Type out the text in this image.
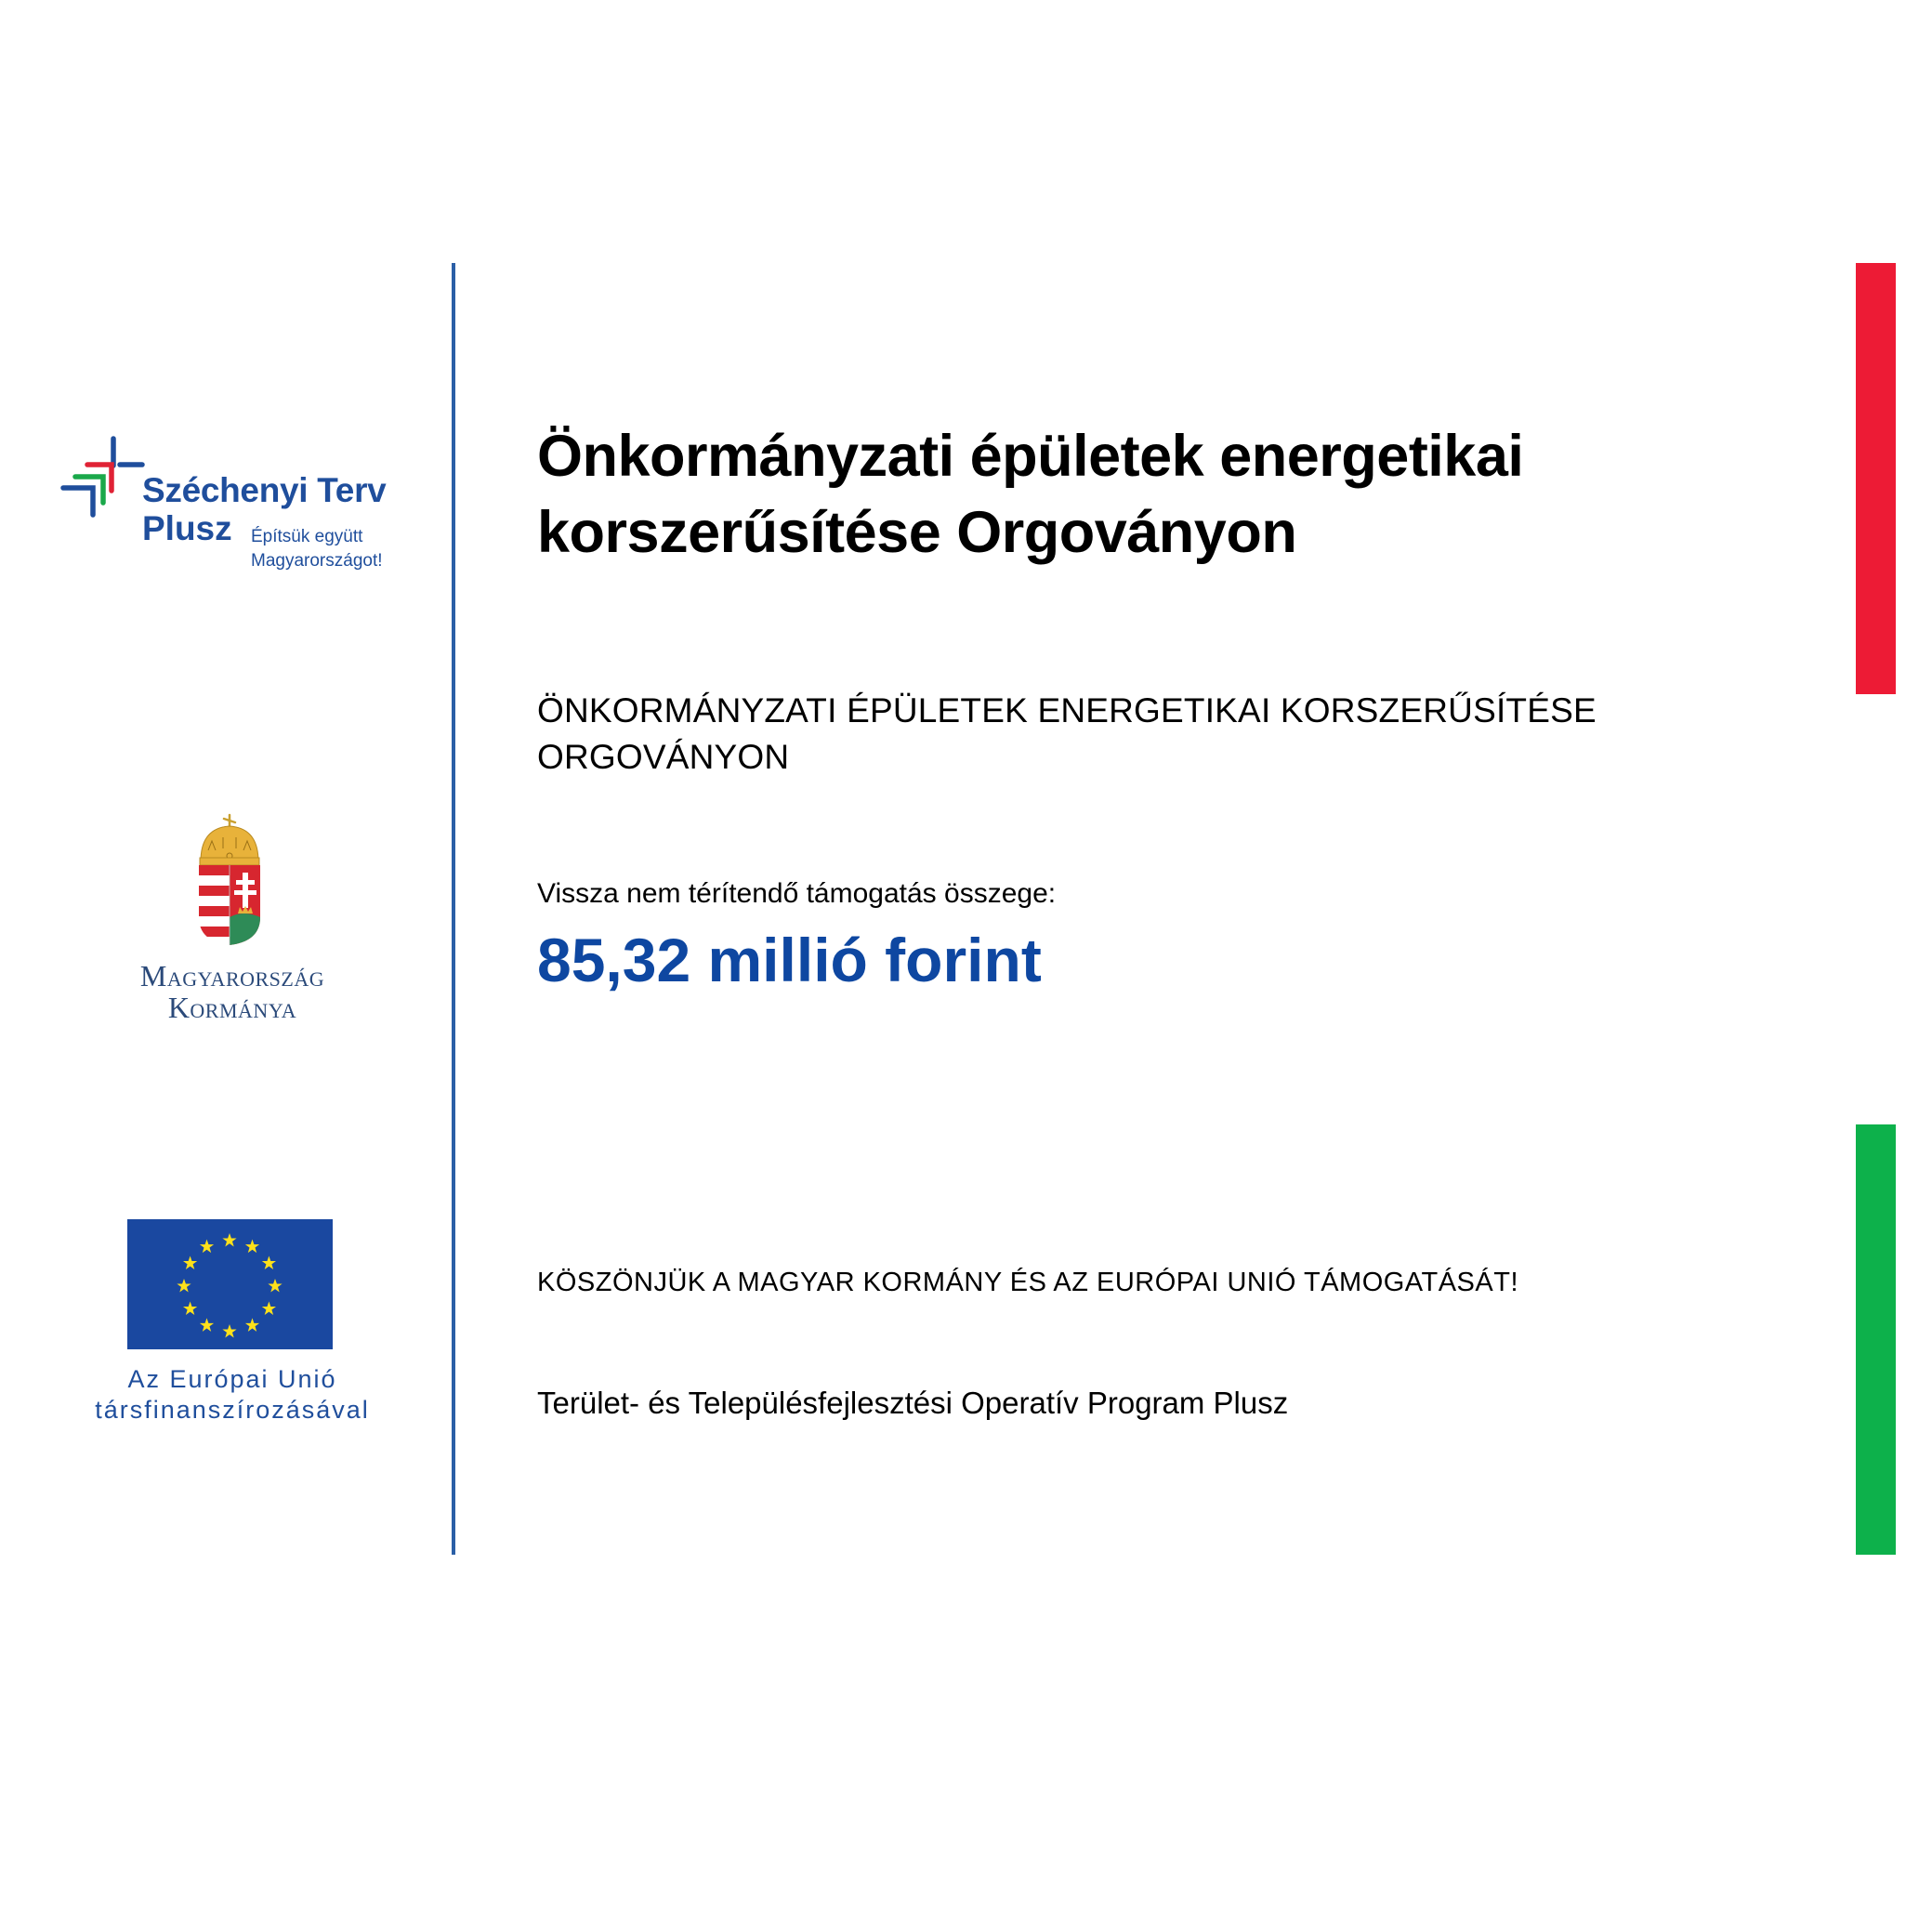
Széchenyi Terv
Plusz Építsük együtt
Magyarországot!
Magyarország
Kormánya
Az Európai Unió
társfinanszírozásával
Önkormányzati épületek energetikai
korszerűsítése Orgoványon
ÖNKORMÁNYZATI ÉPÜLETEK ENERGETIKAI KORSZERŰSÍTÉSE
ORGOVÁNYON
Vissza nem térítendő támogatás összege:
85,32 millió forint
KÖSZÖNJÜK A MAGYAR KORMÁNY ÉS AZ EURÓPAI UNIÓ TÁMOGATÁSÁT!
Terület- és Településfejlesztési Operatív Program Plusz
